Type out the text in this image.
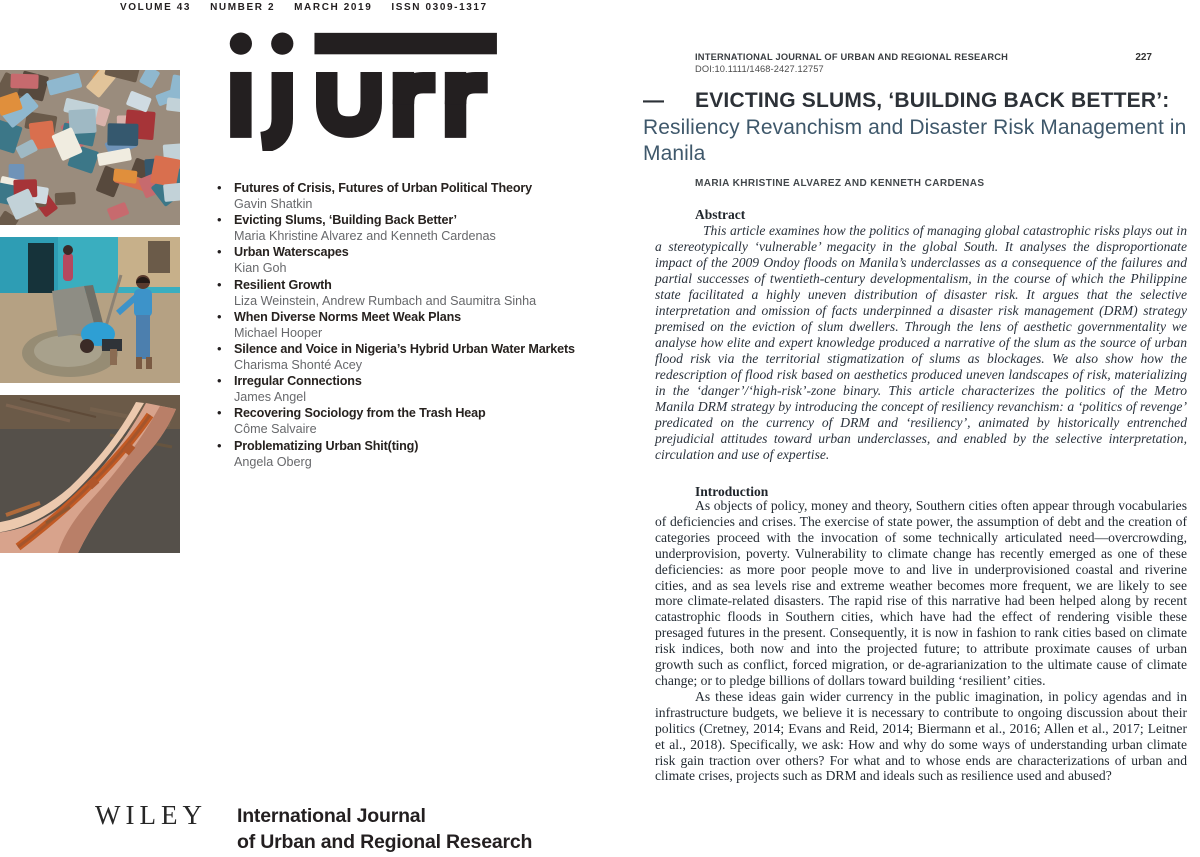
VOLUME 43 NUMBER 2 MARCH 2019 ISSN 0309-1317
• Futures of Crisis, Futures of Urban Political Theory
Gavin Shatkin
• Evicting Slums, ‘Building Back Better’
Maria Khristine Alvarez and Kenneth Cardenas
• Urban Waterscapes
Kian Goh
• Resilient Growth
Liza Weinstein, Andrew Rumbach and Saumitra Sinha
• When Diverse Norms Meet Weak Plans
Michael Hooper
• Silence and Voice in Nigeria’s Hybrid Urban Water Markets
Charisma Shonté Acey
• Irregular Connections
James Angel
• Recovering Sociology from the Trash Heap
Côme Salvaire
• Problematizing Urban Shit(ting)
Angela Oberg
WILEY International Journal
of Urban and Regional Research
INTERNATIONAL JOURNAL OF URBAN AND REGIONAL RESEARCH	227
DOI:10.1111/1468-2427.12757
— EVICTING SLUMS, ‘BUILDING BACK BETTER’:
Resiliency Revanchism and Disaster Risk Management in Manila
MARIA KHRISTINE ALVAREZ AND KENNETH CARDENAS
Abstract
This article examines how the politics of managing global catastrophic risks plays out in a stereotypically ‘vulnerable’ megacity in the global South. It analyses the disproportionate impact of the 2009 Ondoy floods on Manila’s underclasses as a consequence of the failures and partial successes of twentieth-century developmentalism, in the course of which the Philippine state facilitated a highly uneven distribution of disaster risk. It argues that the selective interpretation and omission of facts underpinned a disaster risk management (DRM) strategy premised on the eviction of slum dwellers. Through the lens of aesthetic governmentality we analyse how elite and expert knowledge produced a narrative of the slum as the source of urban flood risk via the territorial stigmatization of slums as blockages. We also show how the redescription of flood risk based on aesthetics produced uneven landscapes of risk, materializing in the ‘danger’/‘high-risk’-zone binary. This article characterizes the politics of the Metro Manila DRM strategy by introducing the concept of resiliency revanchism: a ‘politics of revenge’ predicated on the currency of DRM and ‘resiliency’, animated by historically entrenched prejudicial attitudes toward urban underclasses, and enabled by the selective interpretation, circulation and use of expertise.
Introduction

As objects of policy, money and theory, Southern cities often appear through vocabularies of deficiencies and crises. The exercise of state power, the assumption of debt and the creation of categories proceed with the invocation of some technically articulated need—overcrowding, underprovision, poverty. Vulnerability to climate change has recently emerged as one of these deficiencies: as more poor people move to and live in underprovisioned coastal and riverine cities, and as sea levels rise and extreme weather becomes more frequent, we are likely to see more climate-related disasters. The rapid rise of this narrative had been helped along by recent catastrophic floods in Southern cities, which have had the effect of rendering visible these presaged futures in the present. Consequently, it is now in fashion to rank cities based on climate risk indices, both now and into the projected future; to attribute proximate causes of urban growth such as conflict, forced migration, or de-agrarianization to the ultimate cause of climate change; or to pledge billions of dollars toward building ‘resilient’ cities.

As these ideas gain wider currency in the public imagination, in policy agendas and in infrastructure budgets, we believe it is necessary to contribute to ongoing discussion about their politics (Cretney, 2014; Evans and Reid, 2014; Biermann et al., 2016; Allen et al., 2017; Leitner et al., 2018). Specifically, we ask: How and why do some ways of understanding urban climate risk gain traction over others? For what and to whose ends are characterizations of urban and climate crises, projects such as DRM and ideals such as resilience used and abused?
